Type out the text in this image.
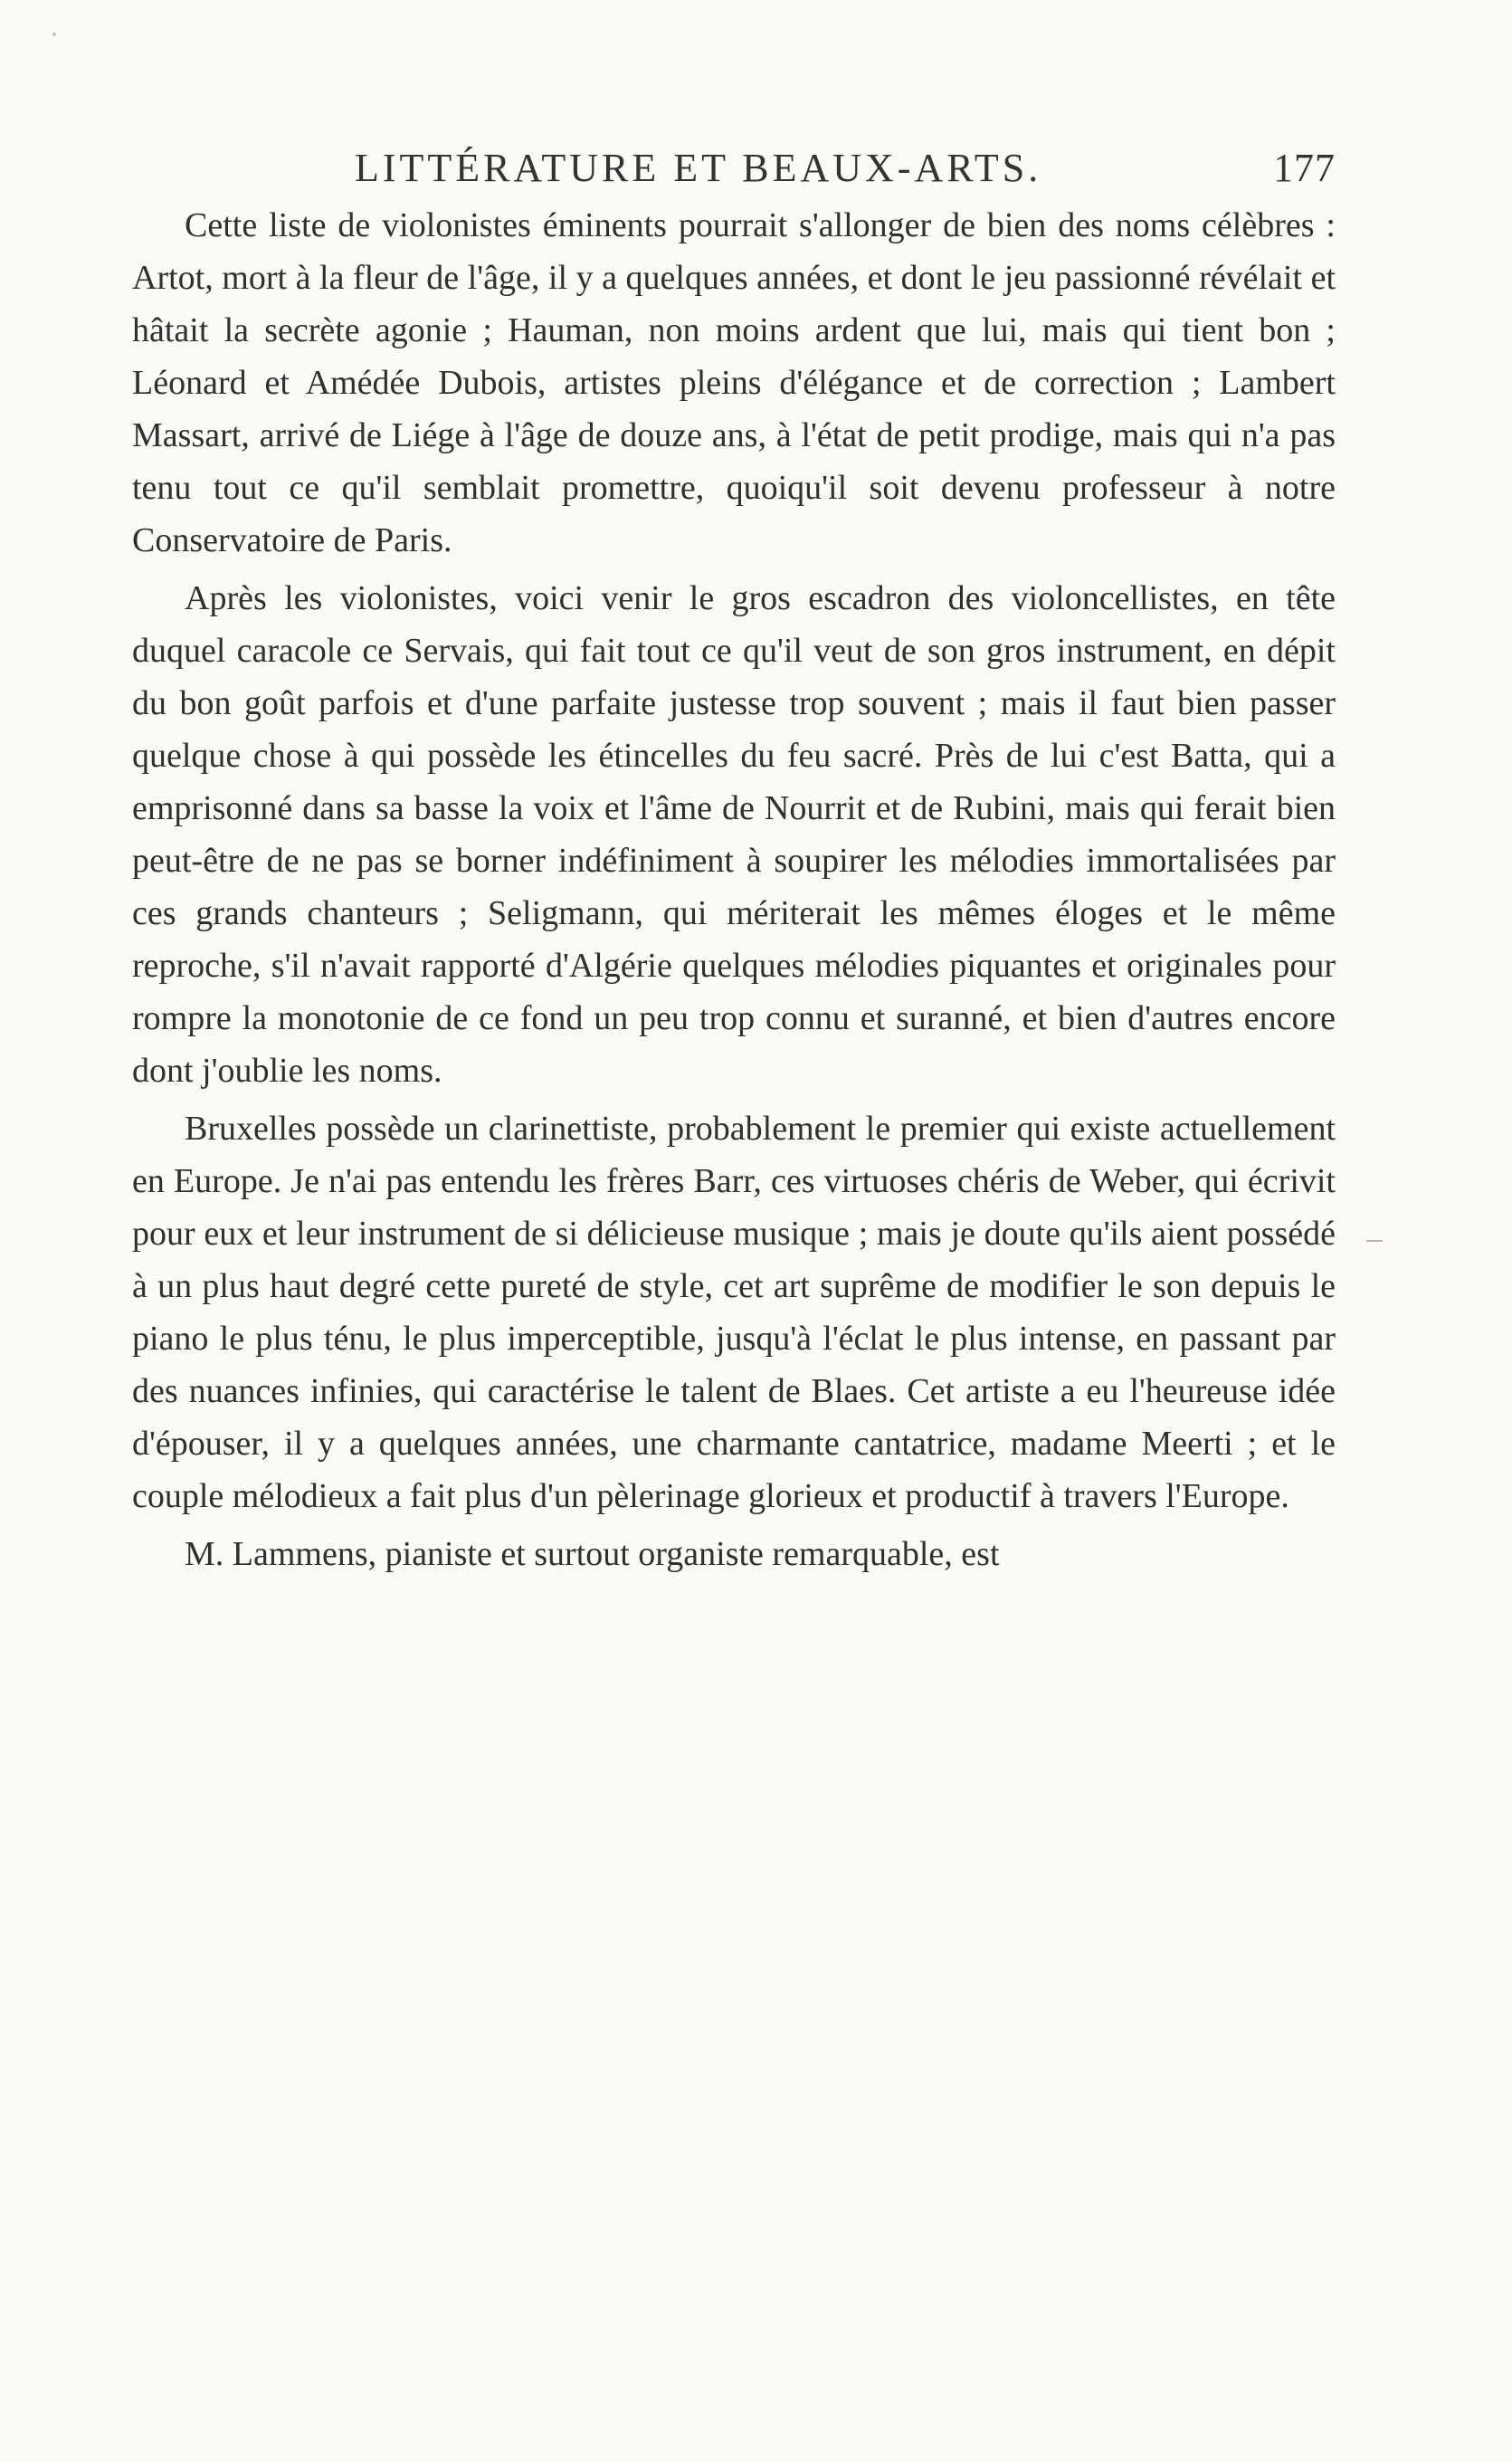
LITTÉRATURE ET BEAUX-ARTS.	177

Cette liste de violonistes éminents pourrait s'allonger de bien des noms célèbres : Artot, mort à la fleur de l'âge, il y a quelques années, et dont le jeu passionné révélait et hâtait la secrète agonie ; Hauman, non moins ardent que lui, mais qui tient bon ; Léonard et Amédée Dubois, artistes pleins d'élégance et de correction ; Lambert Massart, arrivé de Liége à l'âge de douze ans, à l'état de petit prodige, mais qui n'a pas tenu tout ce qu'il semblait promettre, quoiqu'il soit devenu professeur à notre Conservatoire de Paris.

Après les violonistes, voici venir le gros escadron des violoncellistes, en tête duquel caracole ce Servais, qui fait tout ce qu'il veut de son gros instrument, en dépit du bon goût parfois et d'une parfaite justesse trop souvent ; mais il faut bien passer quelque chose à qui possède les étincelles du feu sacré. Près de lui c'est Batta, qui a emprisonné dans sa basse la voix et l'âme de Nourrit et de Rubini, mais qui ferait bien peut-être de ne pas se borner indéfiniment à soupirer les mélodies immortalisées par ces grands chanteurs ; Seligmann, qui mériterait les mêmes éloges et le même reproche, s'il n'avait rapporté d'Algérie quelques mélodies piquantes et originales pour rompre la monotonie de ce fond un peu trop connu et suranné, et bien d'autres encore dont j'oublie les noms.

Bruxelles possède un clarinettiste, probablement le premier qui existe actuellement en Europe. Je n'ai pas entendu les frères Barr, ces virtuoses chéris de Weber, qui écrivit pour eux et leur instrument de si délicieuse musique ; mais je doute qu'ils aient possédé à un plus haut degré cette pureté de style, cet art suprême de modifier le son depuis le piano le plus ténu, le plus imperceptible, jusqu'à l'éclat le plus intense, en passant par des nuances infinies, qui caractérise le talent de Blaes. Cet artiste a eu l'heureuse idée d'épouser, il y a quelques années, une charmante cantatrice, madame Meerti ; et le couple mélodieux a fait plus d'un pèlerinage glorieux et productif à travers l'Europe.

M. Lammens, pianiste et surtout organiste remarquable, est
